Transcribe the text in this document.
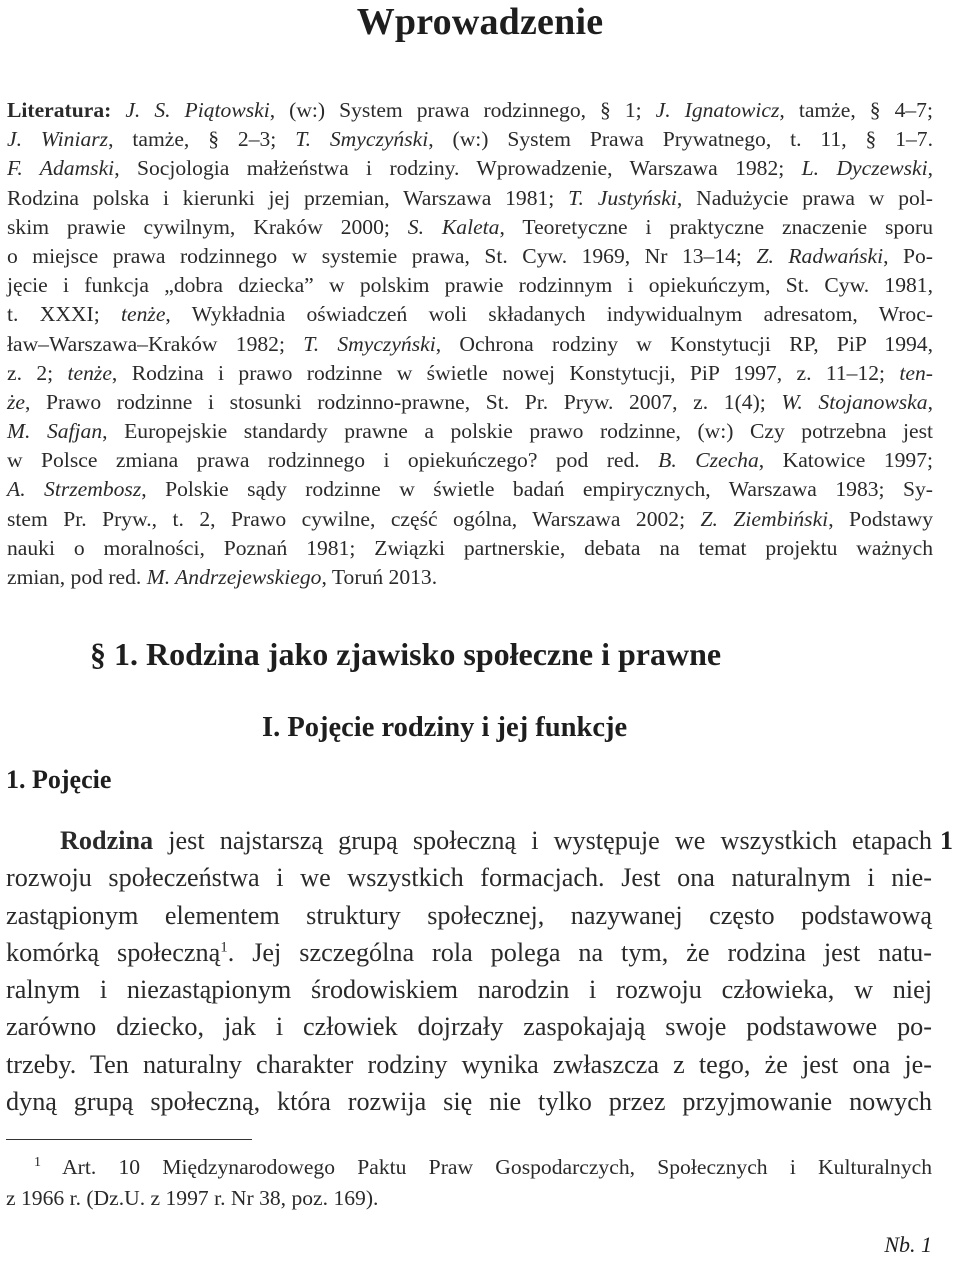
Wprowadzenie
Literatura: J. S. Piątowski, (w:) System prawa rodzinnego, § 1; J. Ignatowicz, tamże, § 4–7;
J. Winiarz, tamże, § 2–3; T. Smyczyński, (w:) System Prawa Prywatnego, t. 11, § 1–7.
F. Adamski, Socjologia małżeństwa i rodziny. Wprowadzenie, Warszawa 1982; L. Dyczewski,
Rodzina polska i kierunki jej przemian, Warszawa 1981; T. Justyński, Nadużycie prawa w pol-
skim prawie cywilnym, Kraków 2000; S. Kaleta, Teoretyczne i praktyczne znaczenie sporu
o miejsce prawa rodzinnego w systemie prawa, St. Cyw. 1969, Nr 13–14; Z. Radwański, Po-
jęcie i funkcja „dobra dziecka” w polskim prawie rodzinnym i opiekuńczym, St. Cyw. 1981,
t. XXXI; tenże, Wykładnia oświadczeń woli składanych indywidualnym adresatom, Wroc-
ław–Warszawa–Kraków 1982; T. Smyczyński, Ochrona rodziny w Konstytucji RP, PiP 1994,
z. 2; tenże, Rodzina i prawo rodzinne w świetle nowej Konstytucji, PiP 1997, z. 11–12; ten-
że, Prawo rodzinne i stosunki rodzinno-prawne, St. Pr. Pryw. 2007, z. 1(4); W. Stojanowska,
M. Safjan, Europejskie standardy prawne a polskie prawo rodzinne, (w:) Czy potrzebna jest
w Polsce zmiana prawa rodzinnego i opiekuńczego? pod red. B. Czecha, Katowice 1997;
A. Strzembosz, Polskie sądy rodzinne w świetle badań empirycznych, Warszawa 1983; Sy-
stem Pr. Pryw., t. 2, Prawo cywilne, część ogólna, Warszawa 2002; Z. Ziembiński, Podstawy
nauki o moralności, Poznań 1981; Związki partnerskie, debata na temat projektu ważnych
zmian, pod red. M. Andrzejewskiego, Toruń 2013.
§ 1. Rodzina jako zjawisko społeczne i prawne
I. Pojęcie rodziny i jej funkcje
1. Pojęcie
1
Rodzina jest najstarszą grupą społeczną i występuje we wszystkich etapach
rozwoju społeczeństwa i we wszystkich formacjach. Jest ona naturalnym i nie-
zastąpionym elementem struktury społecznej, nazywanej często podstawową
komórką społeczną$^1$. Jej szczególna rola polega na tym, że rodzina jest natu-
ralnym i niezastąpionym środowiskiem narodzin i rozwoju człowieka, w niej
zarówno dziecko, jak i człowiek dojrzały zaspokajają swoje podstawowe po-
trzeby. Ten naturalny charakter rodziny wynika zwłaszcza z tego, że jest ona je-
dyną grupą społeczną, która rozwija się nie tylko przez przyjmowanie nowych
$^1$ Art. 10 Międzynarodowego Paktu Praw Gospodarczych, Społecznych i Kulturalnych
z 1966 r. (Dz.U. z 1997 r. Nr 38, poz. 169).
Nb. 1
